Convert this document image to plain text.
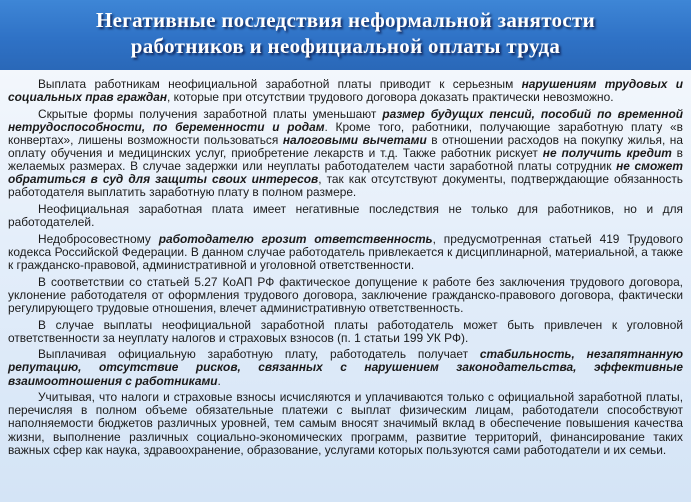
Негативные последствия неформальной занятости
работников и неофициальной оплаты труда

Выплата работникам неофициальной заработной платы приводит к серьезным нарушениям трудовых и социальных прав граждан, которые при отсутствии трудового договора доказать практически невозможно.

Скрытые формы получения заработной платы уменьшают размер будущих пенсий, пособий по временной нетрудоспособности, по беременности и родам. Кроме того, работники, получающие заработную плату «в конвертах», лишены возможности пользоваться налоговыми вычетами в отношении расходов на покупку жилья, на оплату обучения и медицинских услуг, приобретение лекарств и т.д. Также работник рискует не получить кредит в желаемых размерах. В случае задержки или неуплаты работодателем части заработной платы сотрудник не сможет обратиться в суд для защиты своих интересов, так как отсутствуют документы, подтверждающие обязанность работодателя выплатить заработную плату в полном размере.

Неофициальная заработная плата имеет негативные последствия не только для работников, но и для работодателей.

Недобросовестному работодателю грозит ответственность, предусмотренная статьей 419 Трудового кодекса Российской Федерации. В данном случае работодатель привлекается к дисциплинарной, материальной, а также к гражданско-правовой, административной и уголовной ответственности.

В соответствии со статьей 5.27 КоАП РФ фактическое допущение к работе без заключения трудового договора, уклонение работодателя от оформления трудового договора, заключение гражданско-правового договора, фактически регулирующего трудовые отношения, влечет административную ответственность.

В случае выплаты неофициальной заработной платы работодатель может быть привлечен к уголовной ответственности за неуплату налогов и страховых взносов (п. 1 статьи 199 УК РФ).

Выплачивая официальную заработную плату, работодатель получает стабильность, незапятнанную репутацию, отсутствие рисков, связанных с нарушением законодательства, эффективные взаимоотношения с работниками.

Учитывая, что налоги и страховые взносы исчисляются и уплачиваются только с официальной заработной платы, перечисляя в полном объеме обязательные платежи с выплат физическим лицам, работодатели способствуют наполняемости бюджетов различных уровней, тем самым вносят значимый вклад в обеспечение повышения качества жизни, выполнение различных социально-экономических программ, развитие территорий, финансирование таких важных сфер как наука, здравоохранение, образование, услугами которых пользуются сами работодатели и их семьи.
